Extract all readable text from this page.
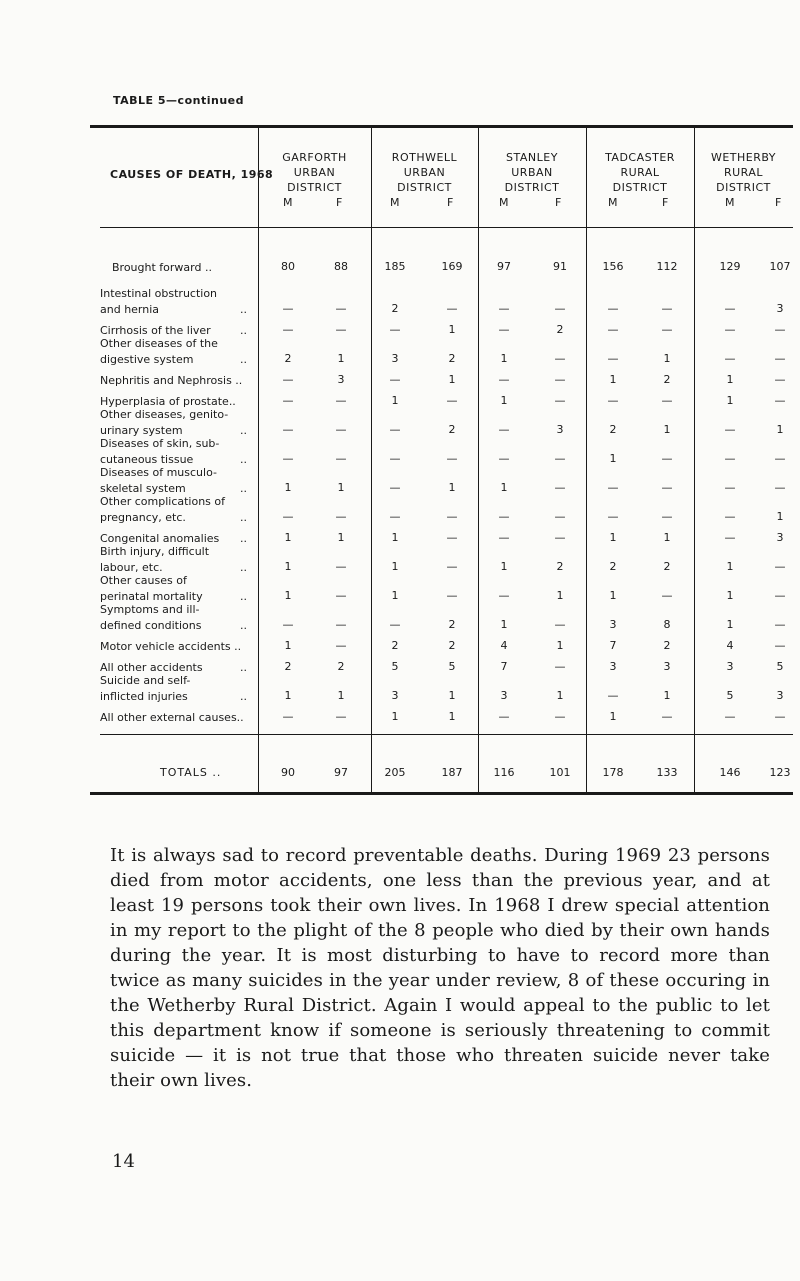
TABLE 5—continued
CAUSES OF DEATH, 1968
GARFORTH
URBAN
DISTRICT
M	F
ROTHWELL
URBAN
DISTRICT
M	F
STANLEY
URBAN
DISTRICT
M	F
TADCASTER
RURAL
DISTRICT
M	F
WETHERBY
RURAL
DISTRICT
M	F
Brought forward ..	80	88	185	169	97	91	156	112	129	107
Intestinal obstruction
and hernia	..	—	—	2	—	—	—	—	—	—	3
Cirrhosis of the liver	..	—	—	—	1	—	2	—	—	—	—
Other diseases of the
digestive system	..	2	1	3	2	1	—	—	1	—	—
Nephritis and Nephrosis ..	—	3	—	1	—	—	1	2	1	—
Hyperplasia of prostate..	—	—	1	—	1	—	—	—	1	—
Other diseases, genito-
urinary system	..	—	—	—	2	—	3	2	1	—	1
Diseases of skin, sub-
cutaneous tissue	..	—	—	—	—	—	—	1	—	—	—
Diseases of musculo-
skeletal system	..	1	1	—	1	1	—	—	—	—	—
Other complications of
pregnancy, etc.	..	—	—	—	—	—	—	—	—	—	1
Congenital anomalies	..	1	1	1	—	—	—	1	1	—	3
Birth injury, difficult
labour, etc.	..	1	—	1	—	1	2	2	2	1	—
Other causes of
perinatal mortality	..	1	—	1	—	—	1	1	—	1	—
Symptoms and ill-
defined conditions	..	—	—	—	2	1	—	3	8	1	—
Motor vehicle accidents ..	1	—	2	2	4	1	7	2	4	—
All other accidents	..	2	2	5	5	7	—	3	3	3	5
Suicide and self-
inflicted injuries	..	1	1	3	1	3	1	—	1	5	3
All other external causes..	—	—	1	1	—	—	1	—	—	—
TOTALS ..	90	97	205	187	116	101	178	133	146	123
It is always sad to record preventable deaths. During 1969 23 persons died from motor accidents, one less than the previous year, and at least 19 persons took their own lives. In 1968 I drew special attention in my report to the plight of the 8 people who died by their own hands during the year. It is most disturbing to have to record more than twice as many suicides in the year under review, 8 of these occuring in the Wetherby Rural District. Again I would appeal to the public to let this department know if someone is seriously threatening to commit suicide — it is not true that those who threaten suicide never take their own lives.
14
